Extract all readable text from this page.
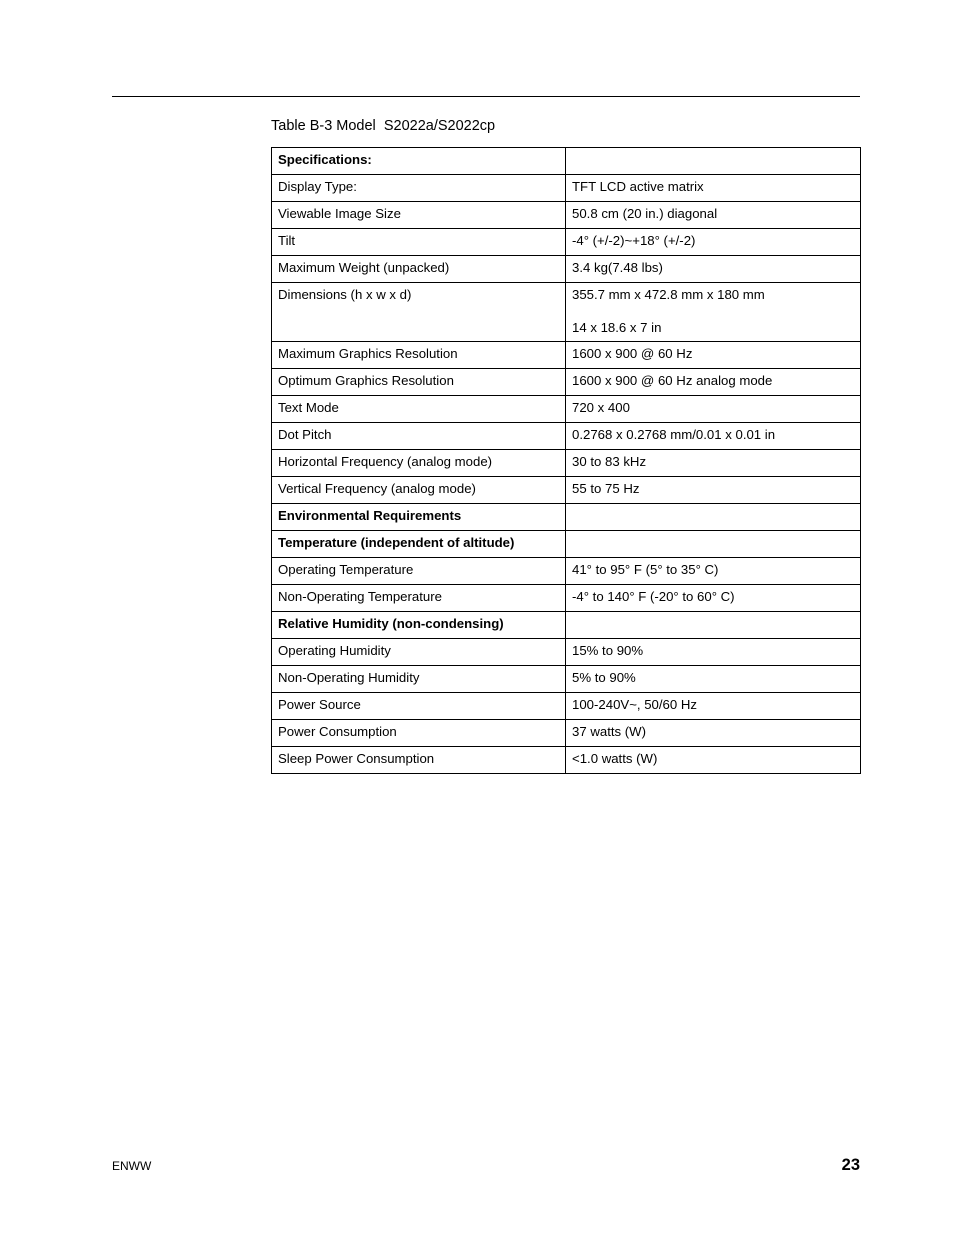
Table B-3 Model  S2022a/S2022cp
Specifications:	
Display Type:	TFT LCD active matrix
Viewable Image Size	50.8 cm (20 in.) diagonal
Tilt	-4° (+/-2)~+18° (+/-2)
Maximum Weight (unpacked)	3.4 kg(7.48 lbs)
Dimensions (h x w x d)	355.7 mm x 472.8 mm x 180 mm
14 x 18.6 x 7 in

Maximum Graphics Resolution	1600 x 900 @ 60 Hz
Optimum Graphics Resolution	1600 x 900 @ 60 Hz analog mode
Text Mode	720 x 400
Dot Pitch	0.2768 x 0.2768 mm/0.01 x 0.01 in
Horizontal Frequency (analog mode)	30 to 83 kHz
Vertical Frequency (analog mode)	55 to 75 Hz
Environmental Requirements	
Temperature (independent of altitude)	
Operating Temperature	41° to 95° F (5° to 35° C)
Non-Operating Temperature	-4° to 140° F (-20° to 60° C)
Relative Humidity (non-condensing)	
Operating Humidity	15% to 90%
Non-Operating Humidity	5% to 90%
Power Source	100-240V~, 50/60 Hz
Power Consumption	37 watts (W)
Sleep Power Consumption	<1.0 watts (W)
ENWW	23
